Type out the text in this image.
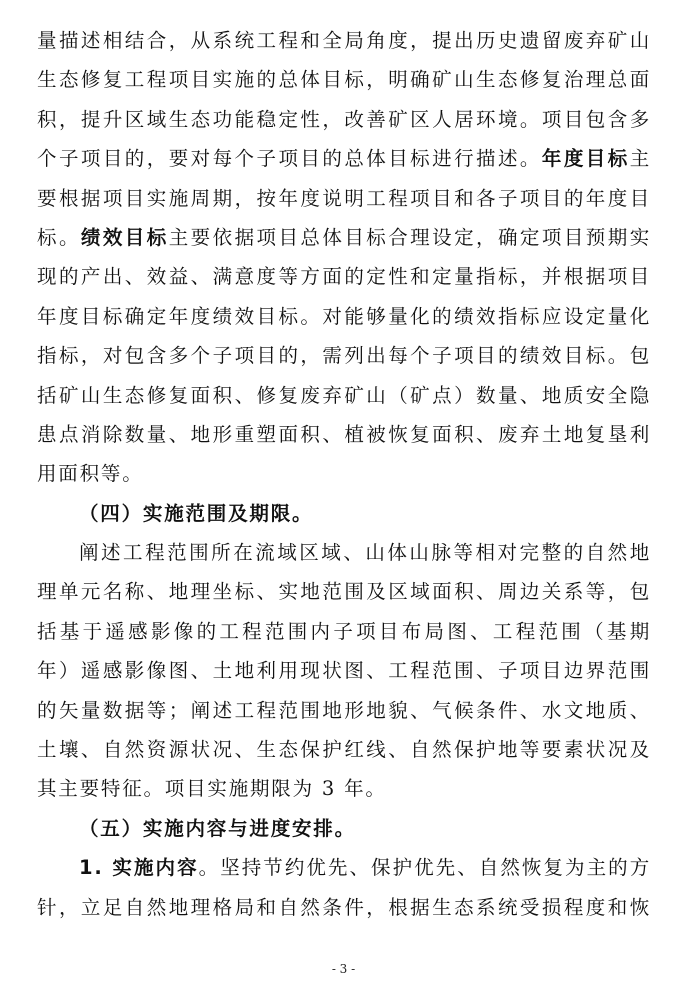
量描述相结合，从系统工程和全局角度，提出历史遗留废弃矿山
生态修复工程项目实施的总体目标，明确矿山生态修复治理总面
积，提升区域生态功能稳定性，改善矿区人居环境。项目包含多
个子项目的，要对每个子项目的总体目标进行描述。年度目标主
要根据项目实施周期，按年度说明工程项目和各子项目的年度目
标。绩效目标主要依据项目总体目标合理设定，确定项目预期实
现的产出、效益、满意度等方面的定性和定量指标，并根据项目
年度目标确定年度绩效目标。对能够量化的绩效指标应设定量化
指标，对包含多个子项目的，需列出每个子项目的绩效目标。包
括矿山生态修复面积、修复废弃矿山（矿点）数量、地质安全隐
患点消除数量、地形重塑面积、植被恢复面积、废弃土地复垦利
用面积等。
（四）实施范围及期限。
阐述工程范围所在流域区域、山体山脉等相对完整的自然地
理单元名称、地理坐标、实地范围及区域面积、周边关系等，包
括基于遥感影像的工程范围内子项目布局图、工程范围（基期
年）遥感影像图、土地利用现状图、工程范围、子项目边界范围
的矢量数据等；阐述工程范围地形地貌、气候条件、水文地质、
土壤、自然资源状况、生态保护红线、自然保护地等要素状况及
其主要特征。项目实施期限为 3 年。
（五）实施内容与进度安排。
1. 实施内容。坚持节约优先、保护优先、自然恢复为主的方
针，立足自然地理格局和自然条件，根据生态系统受损程度和恢
- 3 -
